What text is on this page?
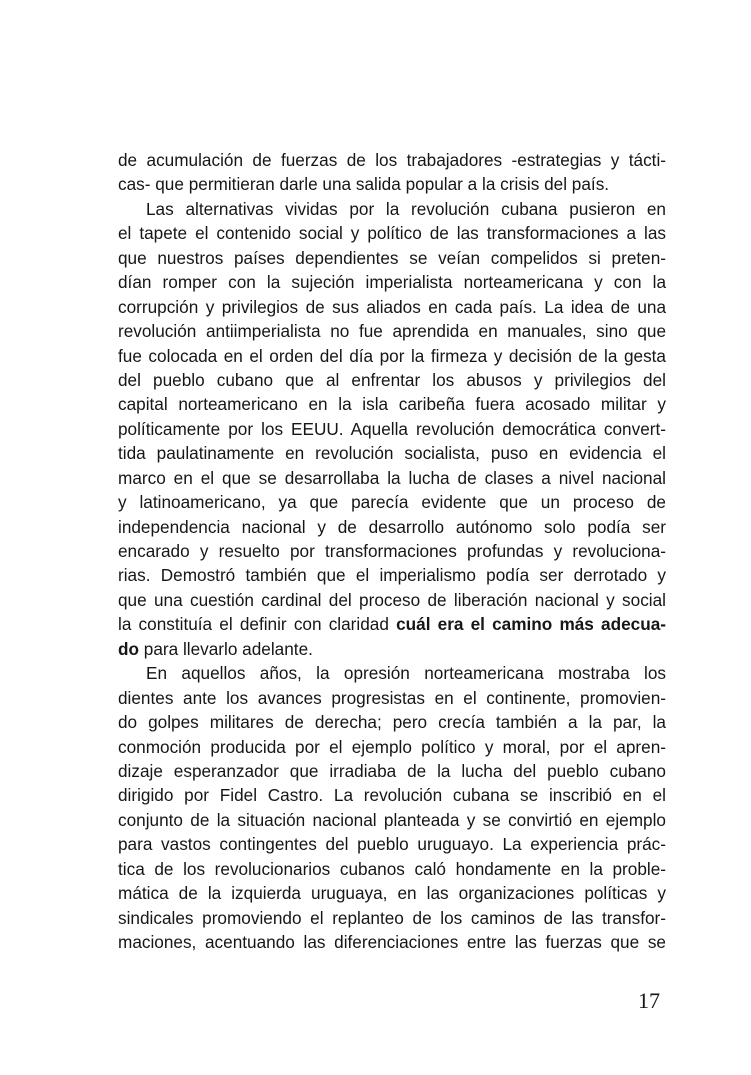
de acumulación de fuerzas de los trabajadores -estrategias y tácti-
cas- que permitieran darle una salida popular a la crisis del país.
Las alternativas vividas por la revolución cubana pusieron en
el tapete el contenido social y político de las transformaciones a las
que nuestros países dependientes se veían compelidos si preten-
dían romper con la sujeción imperialista norteamericana y con la
corrupción y privilegios de sus aliados en cada país. La idea de una
revolución antiimperialista no fue aprendida en manuales, sino que
fue colocada en el orden del día por la firmeza y decisión de la gesta
del pueblo cubano que al enfrentar los abusos y privilegios del
capital norteamericano en la isla caribeña fuera acosado militar y
políticamente por los EEUU. Aquella revolución democrática convert-
tida paulatinamente en revolución socialista, puso en evidencia el
marco en el que se desarrollaba la lucha de clases a nivel nacional
y latinoamericano, ya que parecía evidente que un proceso de
independencia nacional y de desarrollo autónomo solo podía ser
encarado y resuelto por transformaciones profundas y revoluciona-
rias. Demostró también que el imperialismo podía ser derrotado y
que una cuestión cardinal del proceso de liberación nacional y social
la constituía el definir con claridad cuál era el camino más adecua-
do para llevarlo adelante.
En aquellos años, la opresión norteamericana mostraba los
dientes ante los avances progresistas en el continente, promovien-
do golpes militares de derecha; pero crecía también a la par, la
conmoción producida por el ejemplo político y moral, por el apren-
dizaje esperanzador que irradiaba de la lucha del pueblo cubano
dirigido por Fidel Castro. La revolución cubana se inscribió en el
conjunto de la situación nacional planteada y se convirtió en ejemplo
para vastos contingentes del pueblo uruguayo. La experiencia prác-
tica de los revolucionarios cubanos caló hondamente en la proble-
mática de la izquierda uruguaya, en las organizaciones políticas y
sindicales promoviendo el replanteo de los caminos de las transfor-
maciones, acentuando las diferenciaciones entre las fuerzas que se
17
